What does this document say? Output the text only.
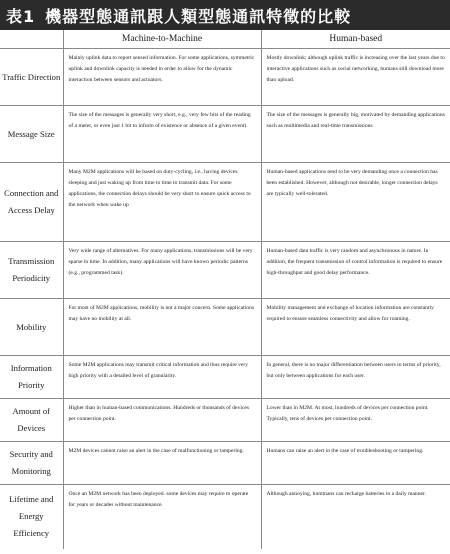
表1 機器型態通訊跟人類型態通訊特徵的比較
	Machine-to-Machine	Human-based
Traffic Direction	Mainly uplink data to report sensed information. For some applications, symmetric uplink and downlink capacity is needed in order to allow for the dynamic interaction between sensors and actuators.	Mostly downlink; although uplink traffic is increasing over the last years due to interactive applications such as social networking, humans still download more than upload.
Message Size	The size of the messages is generally very short, e.g., very few bits of the reading of a meter, or even just 1 bit to inform of existence or absence of a given event).	The size of the messages is generally big, motivated by demanding applications such as multimedia and real-time transmissions
Connection and Access Delay	Many M2M applications will be based on duty-cycling, i.e., having devices sleeping and just waking up from time to time to transmit data. For some applications, the connection delays should be very short to ensure quick access to the network when wake up	Human-based applications tend to be very demanding once a connection has been established. However, although not desirable, longer connection delays are typically well-tolerated.
Transmission Periodicity	Very wide range of alternatives. For many applications, transmissions will be very sparse in time. In addition, many applications will have known periodic patterns (e.g., programmed task).	Human-based data traffic is very random and asynchronous in nature. In addition, the frequent transmission of control information is required to ensure high-throughput and good delay performance.
Mobility	For most of M2M applications, mobility is not a major concern. Some applications may have no mobility at all.	Mobility management and exchange of location information are constantly required to ensure seamless connectivity and allow for roaming.
Information Priority	Some M2M applications may transmit critical information and thus require very high priority with a detailed level of granularity.	In general, there is no major differentiation between users in terms of priority, but only between applications for each user.
Amount of Devices	Higher than in human-based communications. Hundreds or thousands of devices per connection point.	Lower than in M2M. At most, hundreds of devices per connection point. Typically, tens of devices per connection point.
Security and Monitoring	M2M devices cannot raise an alert in the case of malfunctioning or tampering.	Humans can raise an alert in the case of troubleshooting or tampering.
Lifetime and Energy Efficiency	Once an M2M network has been deployed. some devices may require to operate for years or decades without maintenance.	Although annoying, hummans can recharge batteries in a daily manner.
